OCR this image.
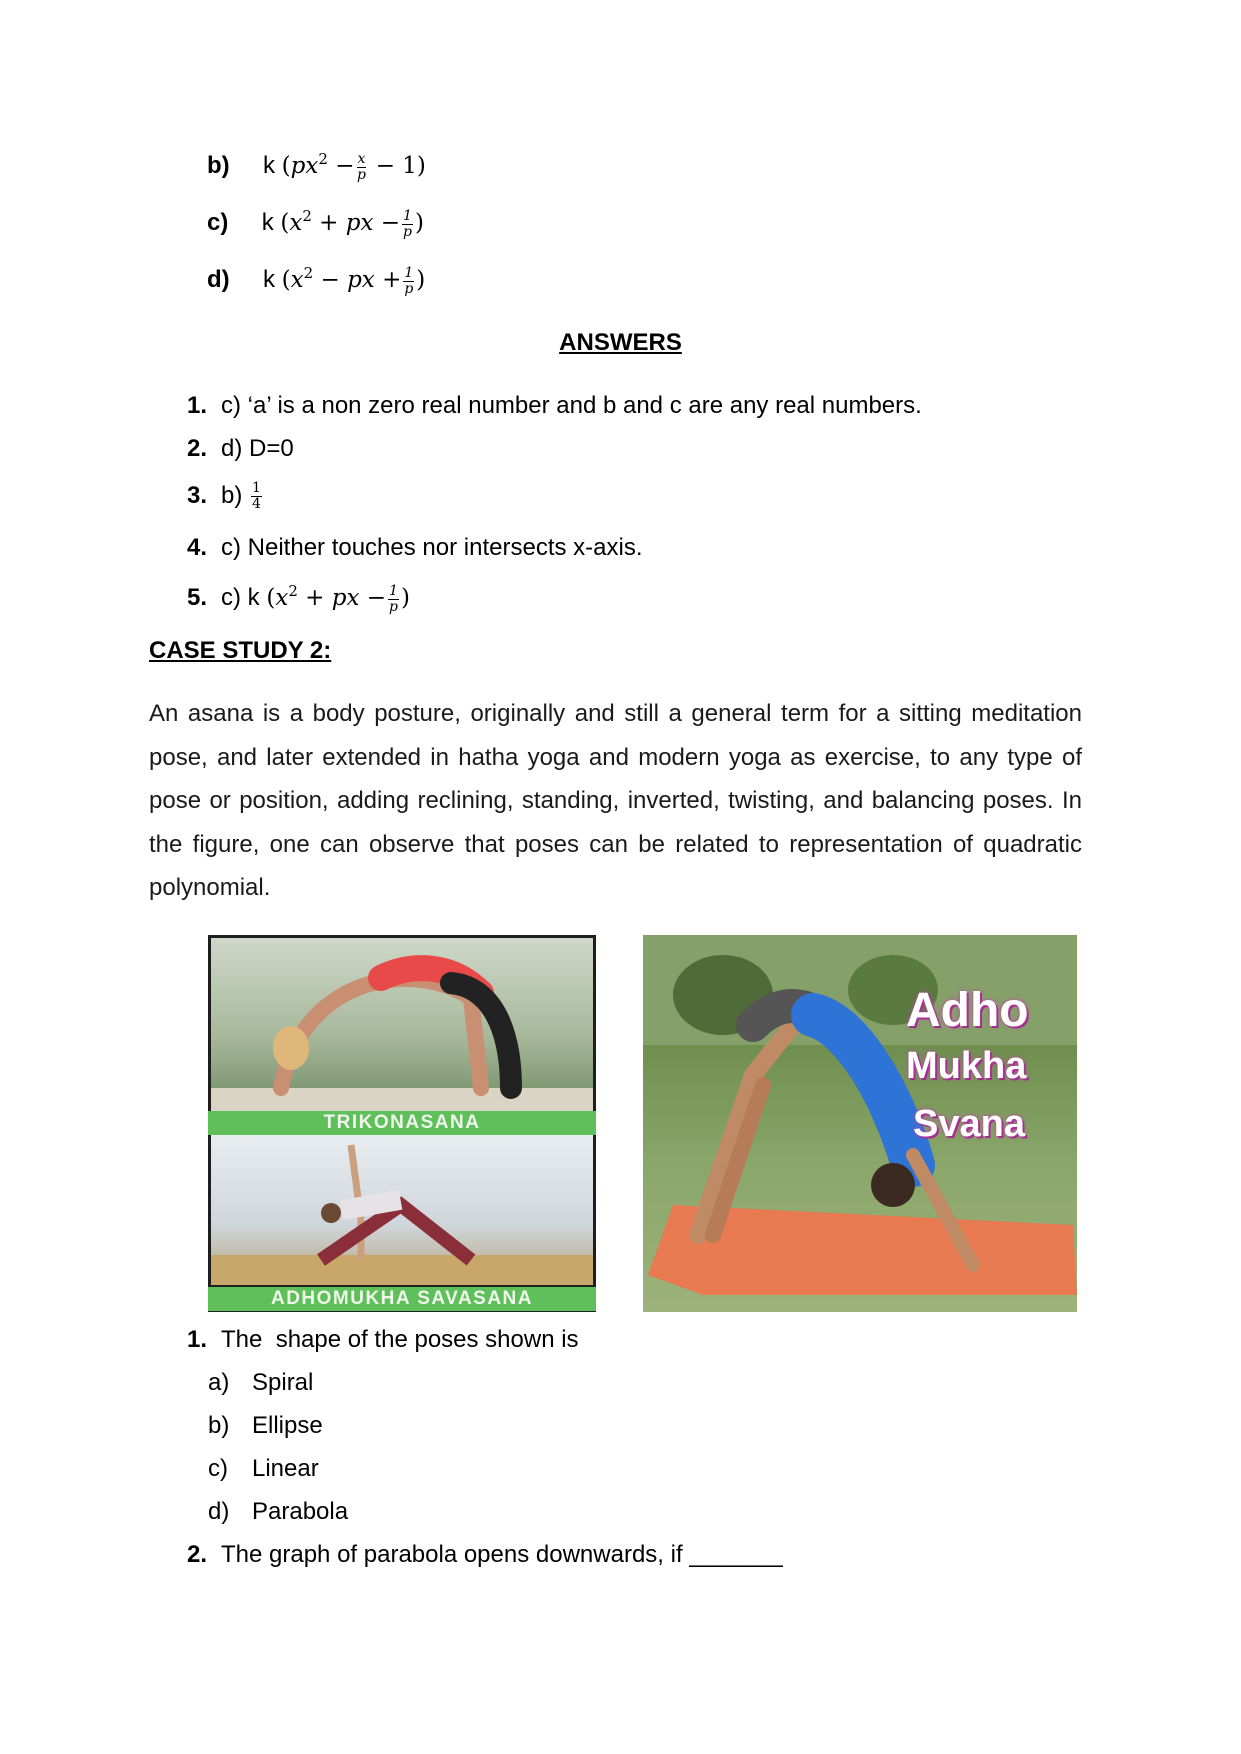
b) k $(px^2 - \frac{x}{p} - 1)$
c) k ($x^2$ + px − $\frac{1}{p}$ )
d) k ($x^2$ − px + $\frac{1}{p}$ )
ANSWERS
1. c) ‘a’ is a non zero real number and b and c are any real numbers.
2. d) D=0
3. $b) \frac{1}{4}$
4. c) Neither touches nor intersects x-axis.
5. c) k ($x^2$ + px − $\frac{1}{p}$ )
CASE STUDY 2:
An asana is a body posture, originally and still a general term for a sitting meditation pose, and later extended in hatha yoga and modern yoga as exercise, to any type of pose or position, adding reclining, standing, inverted, twisting, and balancing poses. In the figure, one can observe that poses can be related to representation of quadratic polynomial.
TRIKONASANA
ADHOMUKHA SAVASANA
Adho
Mukha
Svana
1. The  shape of the poses shown is
a) Spiral
b) Ellipse
c) Linear
d) Parabola
2. The graph of parabola opens downwards, if _______
